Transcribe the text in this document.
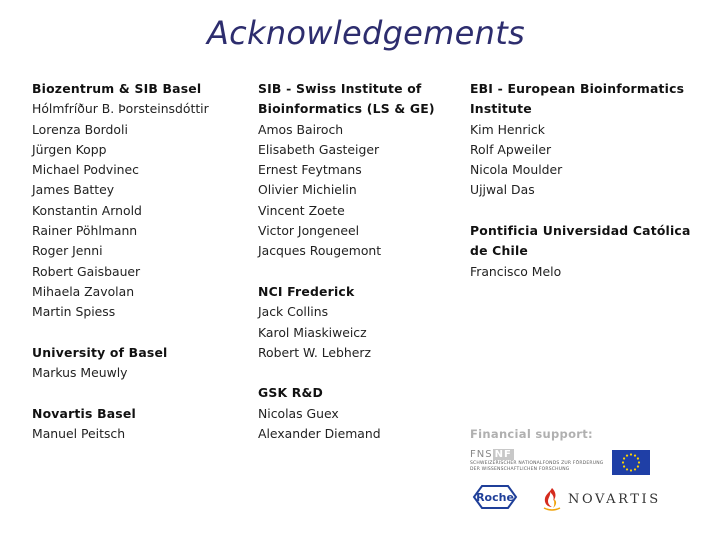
Acknowledgements
Biozentrum & SIB Basel
Hólmfríður B. Þorsteinsdóttir
Lorenza Bordoli
Jürgen Kopp
Michael Podvinec
James Battey
Konstantin Arnold
Rainer Pöhlmann
Roger Jenni
Robert Gaisbauer
Mihaela Zavolan
Martin Spiess
University of Basel
Markus Meuwly
Novartis Basel
Manuel Peitsch
SIB - Swiss Institute of
Bioinformatics (LS & GE)
Amos Bairoch
Elisabeth Gasteiger
Ernest Feytmans
Olivier Michielin
Vincent Zoete
Victor Jongeneel
Jacques Rougemont
NCI Frederick
Jack Collins
Karol Miaskiweicz
Robert W. Lebherz
GSK R&D
Nicolas Guex
Alexander Diemand
EBI - European Bioinformatics
Institute
Kim Henrick
Rolf Apweiler
Nicola Moulder
Ujjwal Das
Pontificia Universidad Católica
de Chile
Francisco Melo
Financial support:
FNS NF
SCHWEIZERISCHER NATIONALFONDS ZUR FÖRDERUNG
DER WISSENSCHAFTLICHEN FORSCHUNG
Roche	NOVARTIS
